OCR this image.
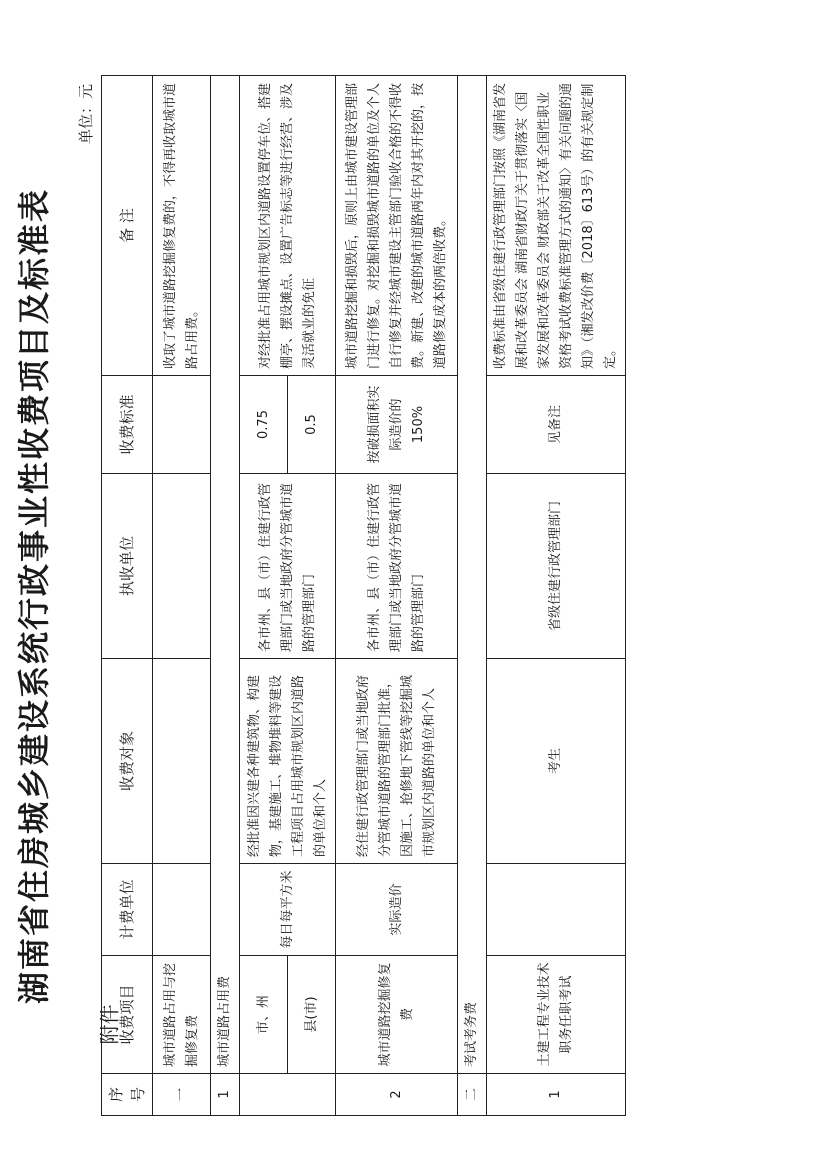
附件
湖南省住房城乡建设系统行政事业性收费项目及标准表
单位：元
序号	收费项目	计费单位	收费对象	执收单位	收费标准	备 注
一	城市道路占用与挖掘修复费					收取了城市道路挖掘修复费的，不得再收取城市道路占用费。
1	城市道路占用费					
	市、州	每日每平方米	经批准因兴建各种建筑物、构建物，基建施工、堆物堆料等建设工程项目占用城市规划区内道路的单位和个人	各市州、县（市）住建行政管理部门或当地政府分管城市道路的管理部门	0.75	对经批准占用城市规划区内道路设置停车位、搭建棚亭、摆设摊点、设置广告标志等进行经营、涉及灵活就业的免征
	县(市)				0.5	
2	城市道路挖掘修复费	实际造价	经住建行政管理部门或当地政府分管城市道路的管理部门批准，因施工、抢修地下管线等挖掘城市规划区内道路的单位和个人	各市州、县（市）住建行政管理部门或当地政府分管城市道路的管理部门	按破损面积实际造价的150%	城市道路挖掘和损毁后，原则上由城市建设管理部门进行修复。对挖掘和损毁城市道路的单位及个人自行修复并经城市建设主管部门验收合格的不得收费。新建、改建的城市道路两年内对其开挖的，按道路修复成本的两倍收费。
二	考试考务费					
1	土建工程专业技术职务任职考试		考生	省级住建行政管理部门	见备注	收费标准由省级住建行政管理部门按照《湖南省发展和改革委员会 湖南省财政厅关于贯彻落实〈国家发展和改革委员会 财政部关于改革全国性职业资格考试收费标准管理方式的通知〉有关问题的通知》（湘发改价费〔2018〕613号）的有关规定制定。
